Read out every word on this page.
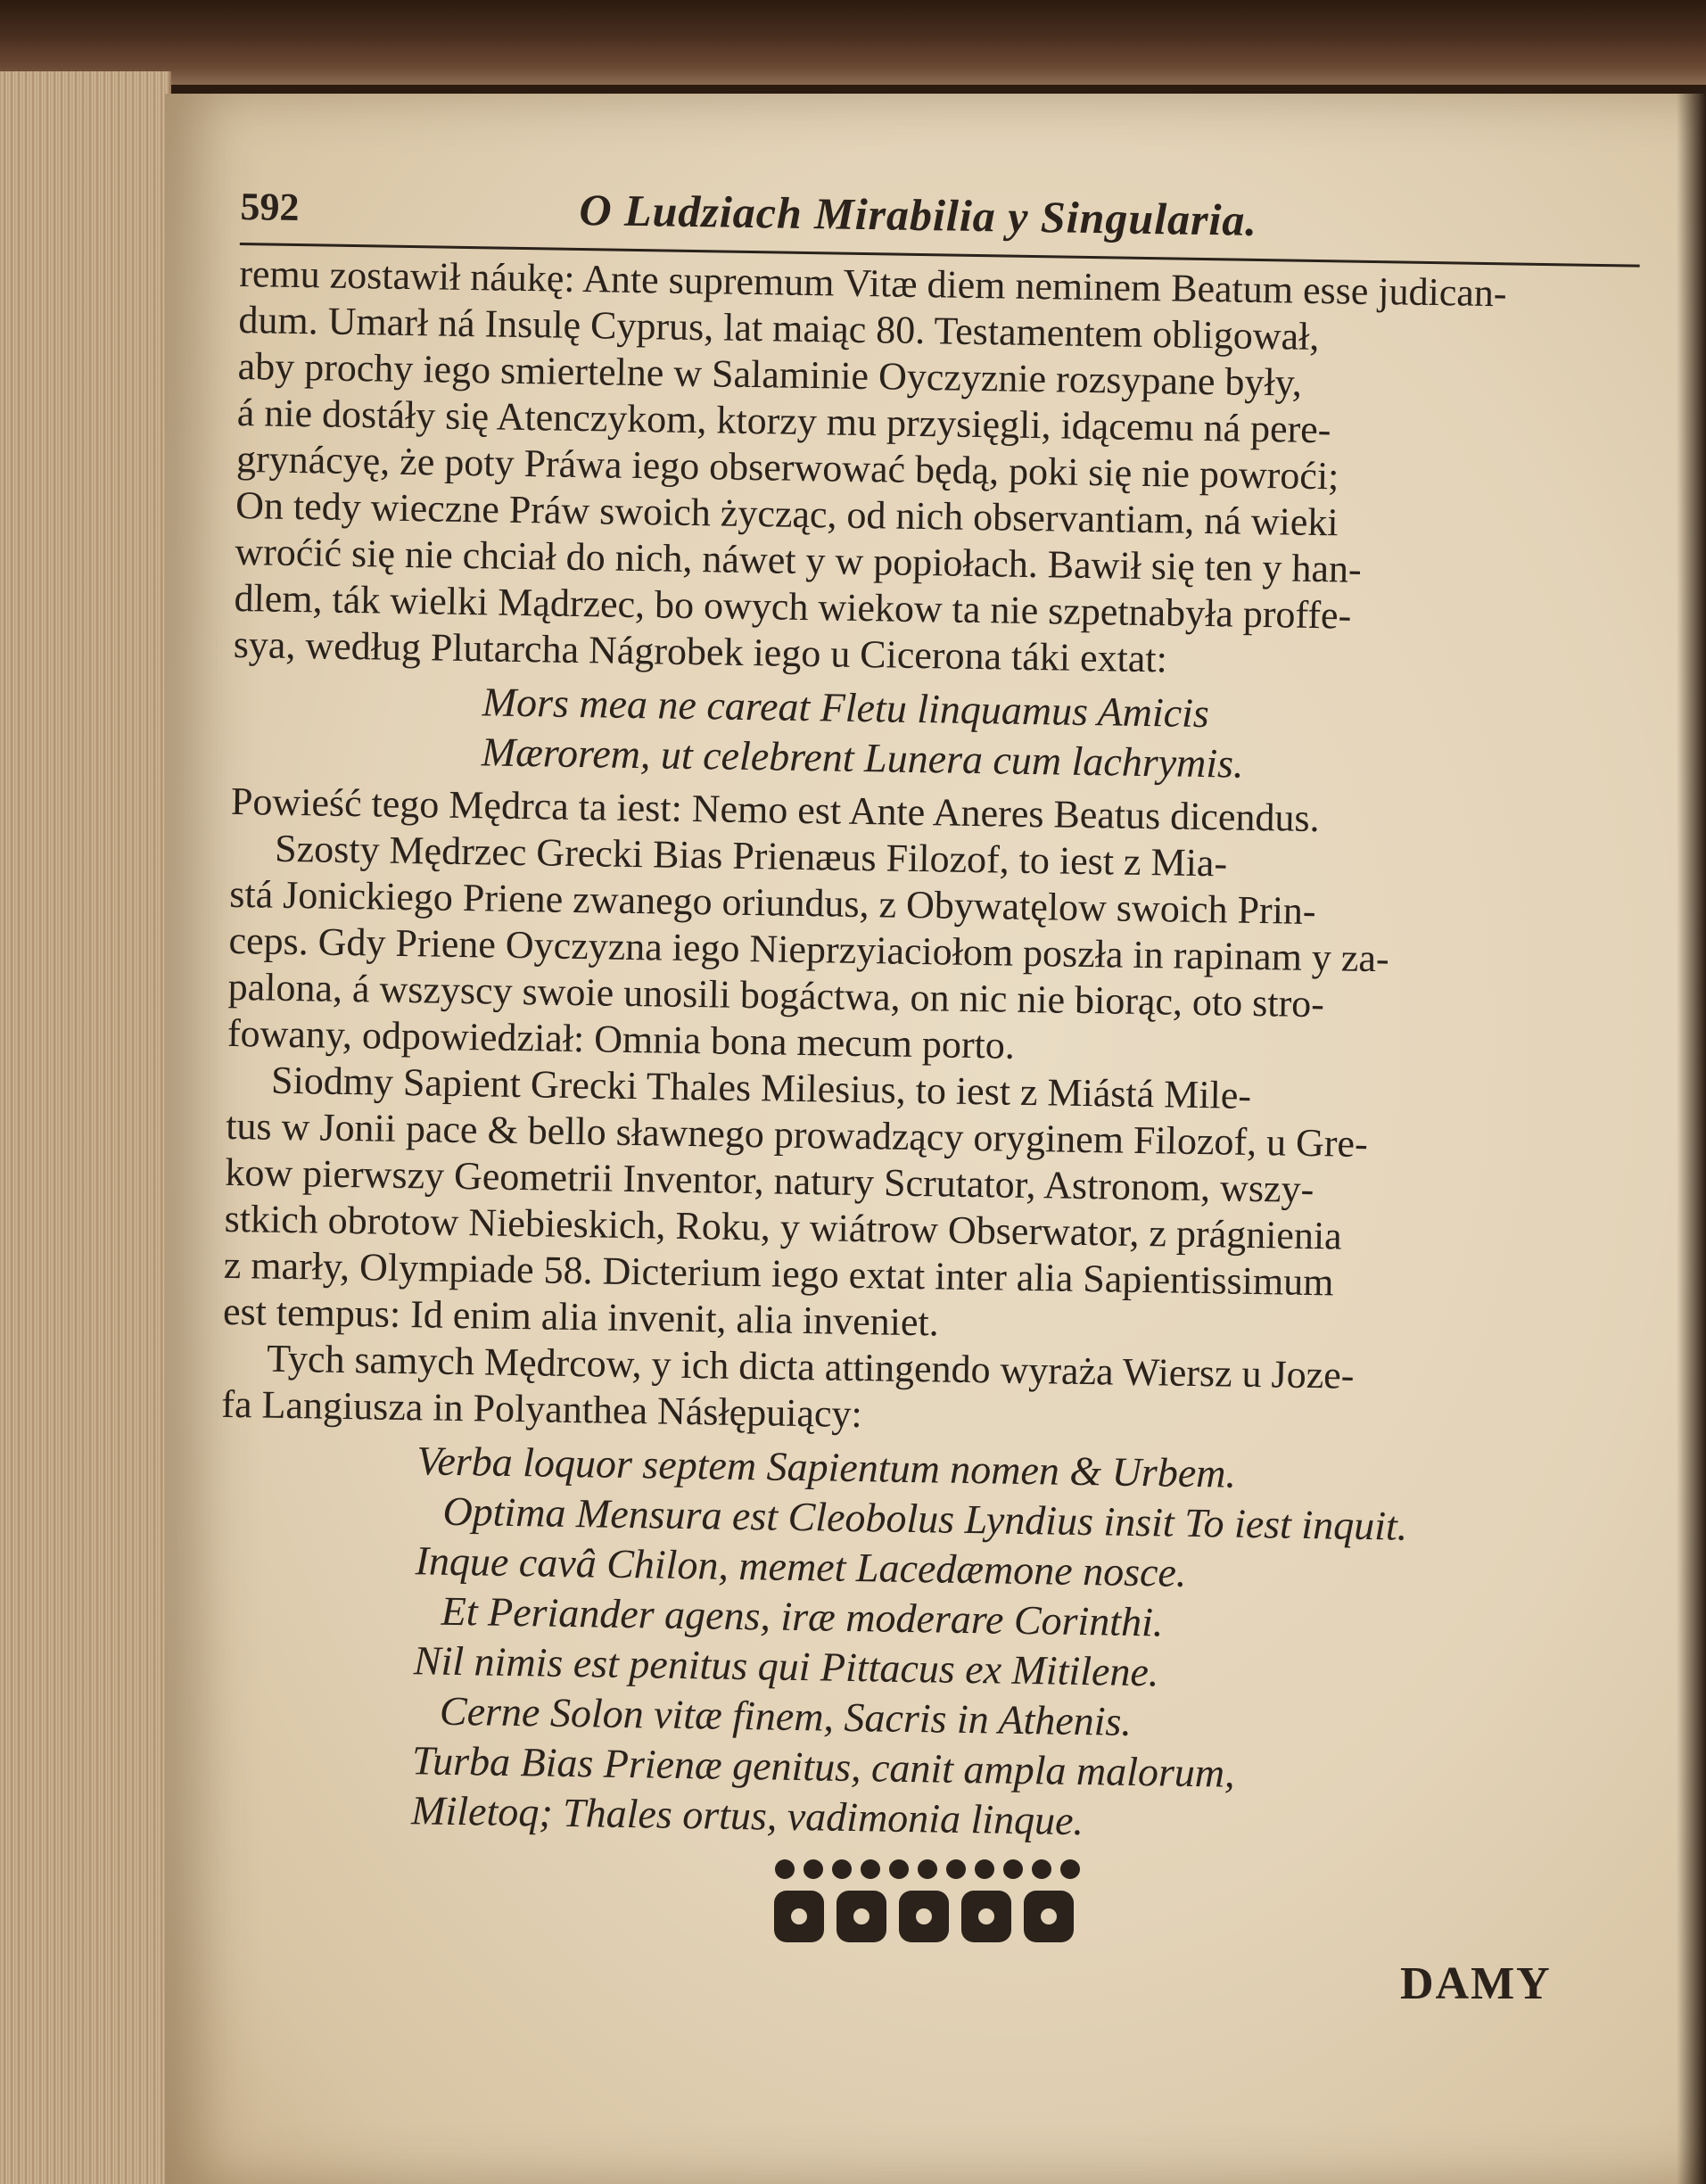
592	O Ludziach Mirabilia y Singularia.

remu zostawił náukę: Ante supremum Vitæ diem neminem Beatum esse judican-
dum. Umarł ná Insulę Cyprus, lat maiąc 80. Testamentem obligował,
aby prochy iego smiertelne w Salaminie Oyczyznie rozsypane były,
á nie dostáły się Atenczykom, ktorzy mu przysięgli, idącemu ná pere-
grynácyę, że poty Práwa iego obserwować będą, poki się nie powroći;
On tedy wieczne Práw swoich życząc, od nich observantiam, ná wieki
wroćić się nie chciał do nich, náwet y w popiołach. Bawił się ten y han-
dlem, ták wielki Mądrzec, bo owych wiekow ta nie szpetnabyła proffe-
sya, według Plutarcha Nágrobek iego u Cicerona táki extat:

Mors mea ne careat Fletu linquamus Amicis
Mærorem, ut celebrent Lunera cum lachrymis.

Powieść tego Mędrca ta iest: Nemo est Ante Aneres Beatus dicendus.
Szosty Mędrzec Grecki Bias Prienæus Filozof, to iest z Mia-
stá Jonickiego Priene zwanego oriundus, z Obywatęlow swoich Prin-
ceps. Gdy Priene Oyczyzna iego Nieprzyiaciołom poszła in rapinam y za-
palona, á wszyscy swoie unosili bogáctwa, on nic nie biorąc, oto stro-
fowany, odpowiedział: Omnia bona mecum porto.

Siodmy Sapient Grecki Thales Milesius, to iest z Miástá Mile-
tus w Jonii pace & bello sławnego prowadzący oryginem Filozof, u Gre-
kow pierwszy Geometrii Inventor, natury Scrutator, Astronom, wszy-
stkich obrotow Niebieskich, Roku, y wiátrow Obserwator, z prágnienia
z marły, Olympiade 58. Dicterium iego extat inter alia Sapientissimum
est tempus: Id enim alia invenit, alia inveniet.

Tych samych Mędrcow, y ich dicta attingendo wyraża Wiersz u Joze-
fa Langiusza in Polyanthea Násłępuiący:

Verba loquor septem Sapientum nomen & Urbem.
Optima Mensura est Cleobolus Lyndius insit To iest inquit.
Inque cavâ Chilon, memet Lacedæmone nosce.
Et Periander agens, iræ moderare Corinthi.
Nil nimis est penitus qui Pittacus ex Mitilene.
Cerne Solon vitæ finem, Sacris in Athenis.
Turba Bias Prienæ genitus, canit ampla malorum,
Miletoq; Thales ortus, vadimonia linque.
DAMY
